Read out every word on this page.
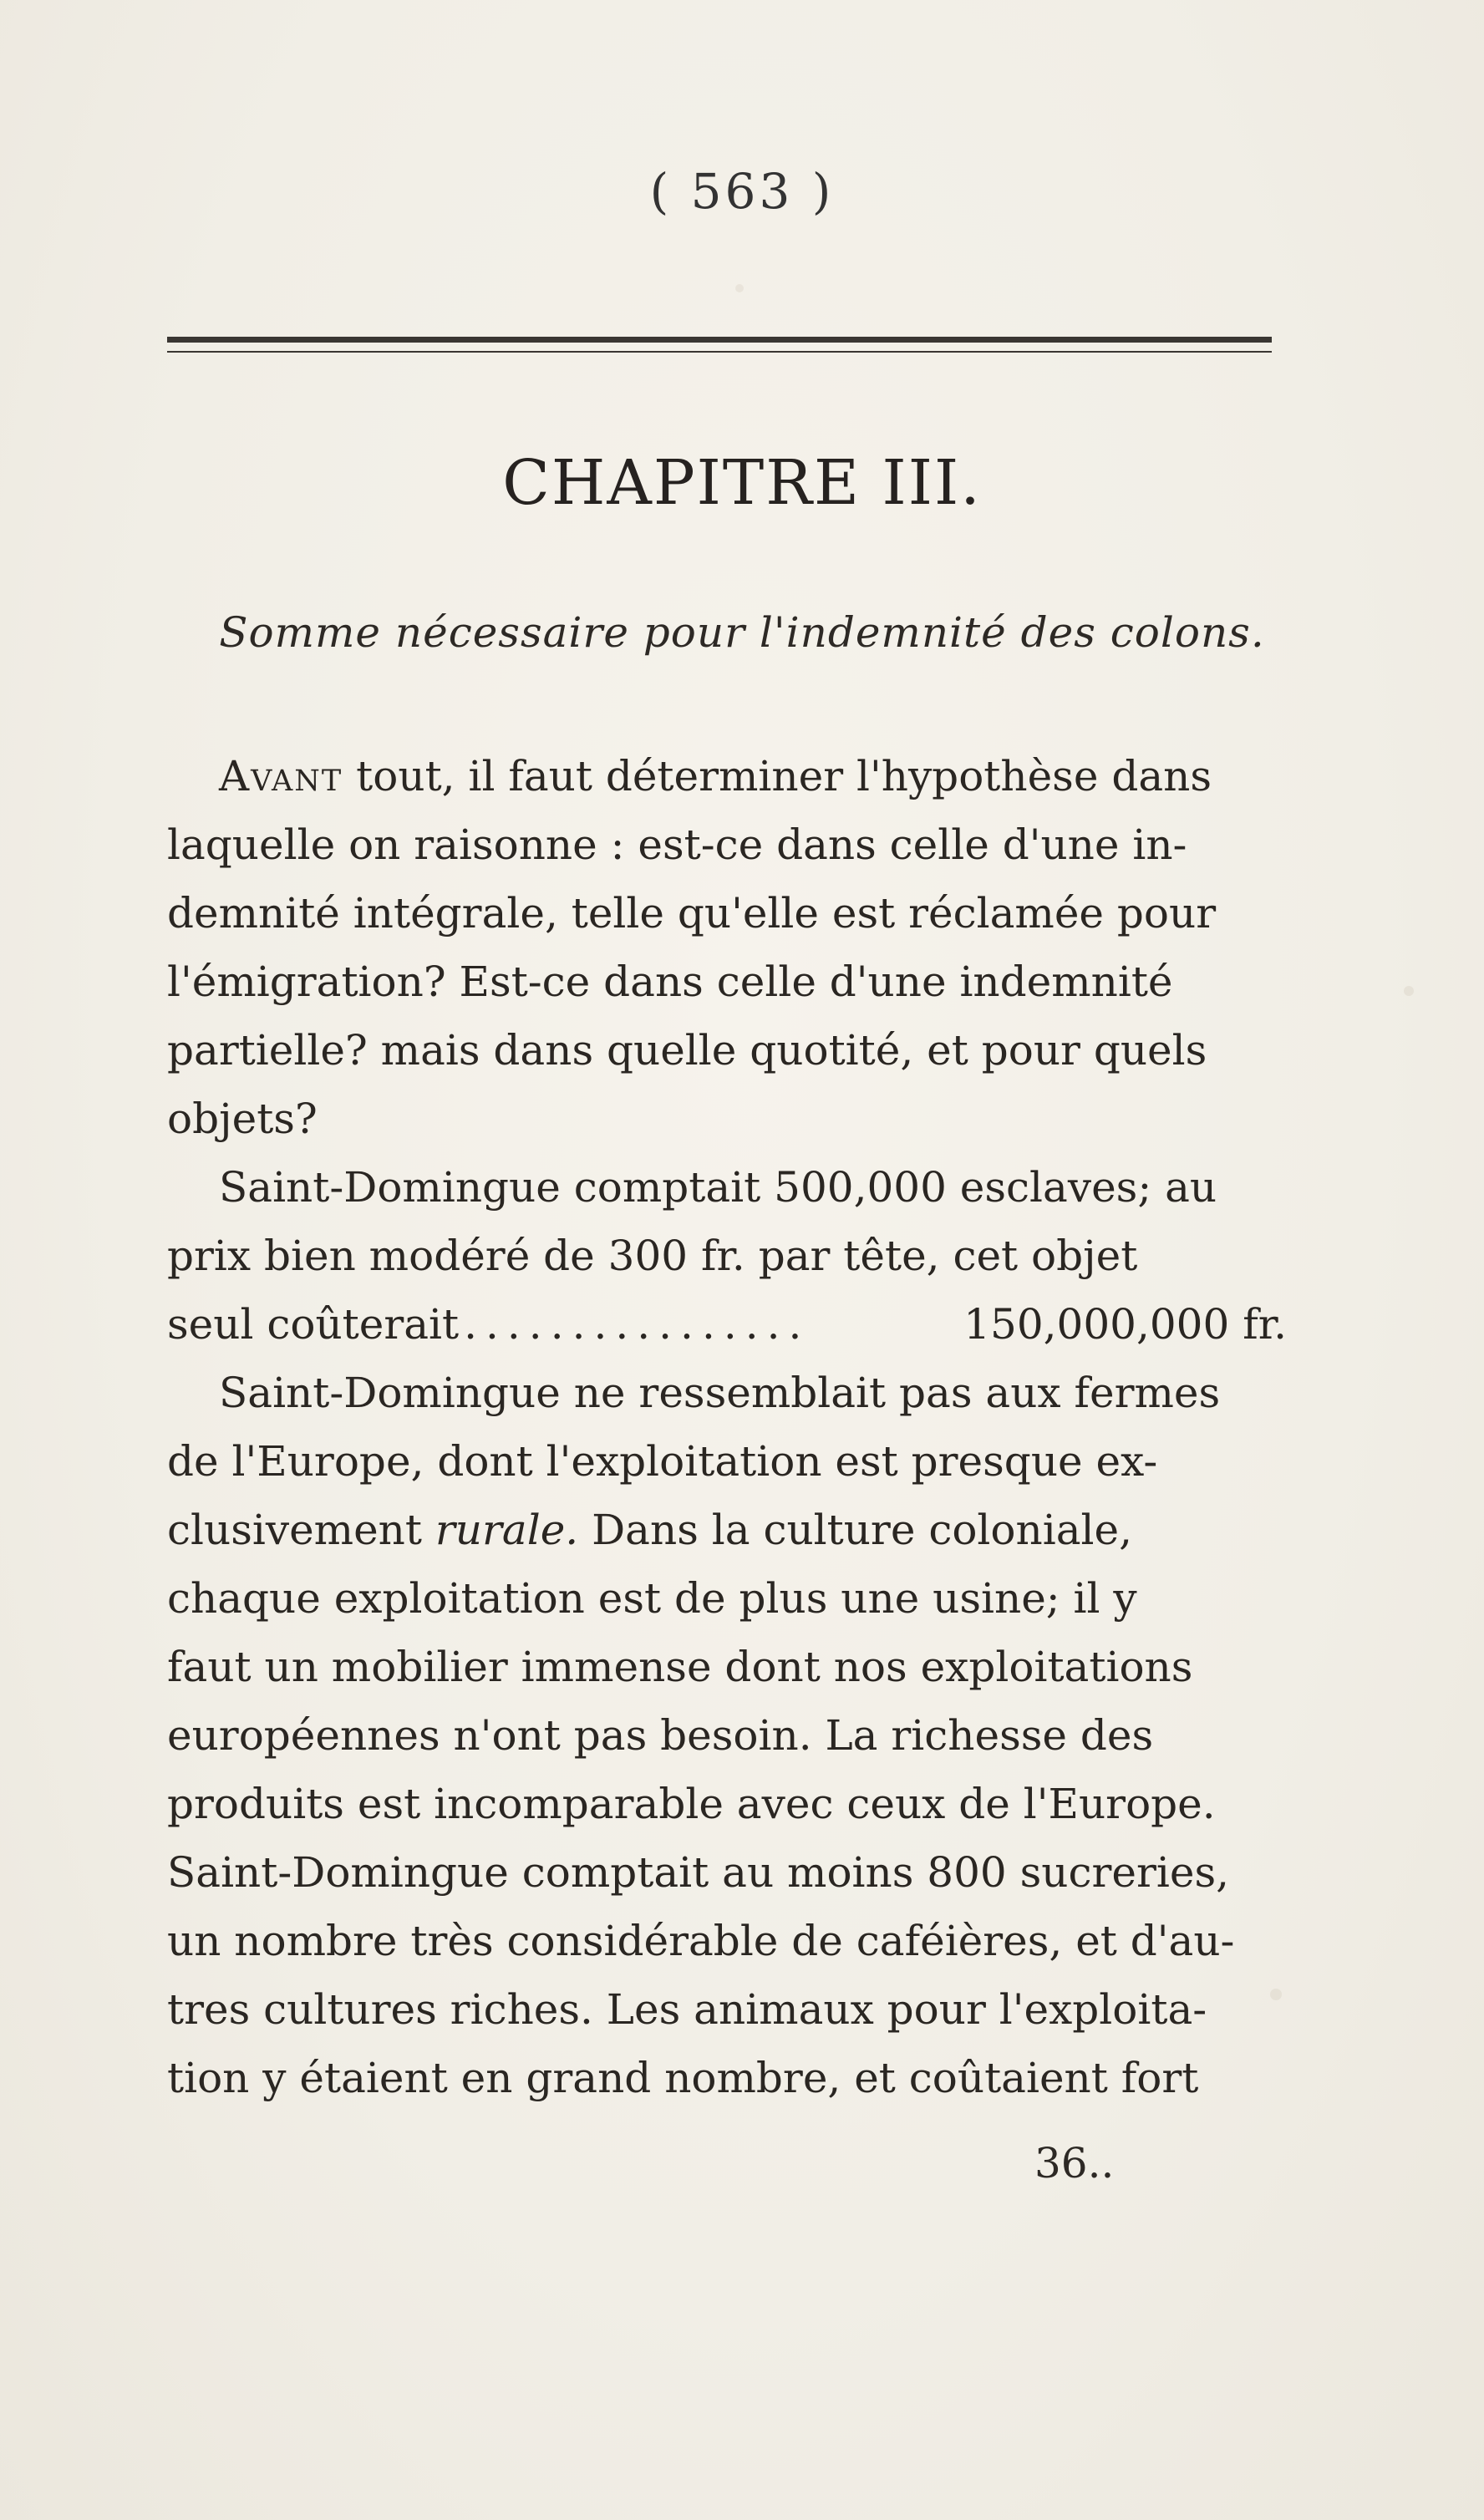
( 563 )
CHAPITRE III.
Somme nécessaire pour l'indemnité des colons.
Avant tout, il faut déterminer l'hypothèse dans
laquelle on raisonne : est-ce dans celle d'une in-
demnité intégrale, telle qu'elle est réclamée pour
l'émigration? Est-ce dans celle d'une indemnité
partielle? mais dans quelle quotité, et pour quels
objets?
Saint-Domingue comptait 500,000 esclaves; au
prix bien modéré de 300 fr. par tête, cet objet
seul coûterait ................	150,000,000 fr.
Saint-Domingue ne ressemblait pas aux fermes
de l'Europe, dont l'exploitation est presque ex-
clusivement rurale. Dans la culture coloniale,
chaque exploitation est de plus une usine; il y
faut un mobilier immense dont nos exploitations
européennes n'ont pas besoin. La richesse des
produits est incomparable avec ceux de l'Europe.
Saint-Domingue comptait au moins 800 sucreries,
un nombre très considérable de caféières, et d'au-
tres cultures riches. Les animaux pour l'exploita-
tion y étaient en grand nombre, et coûtaient fort
36..
